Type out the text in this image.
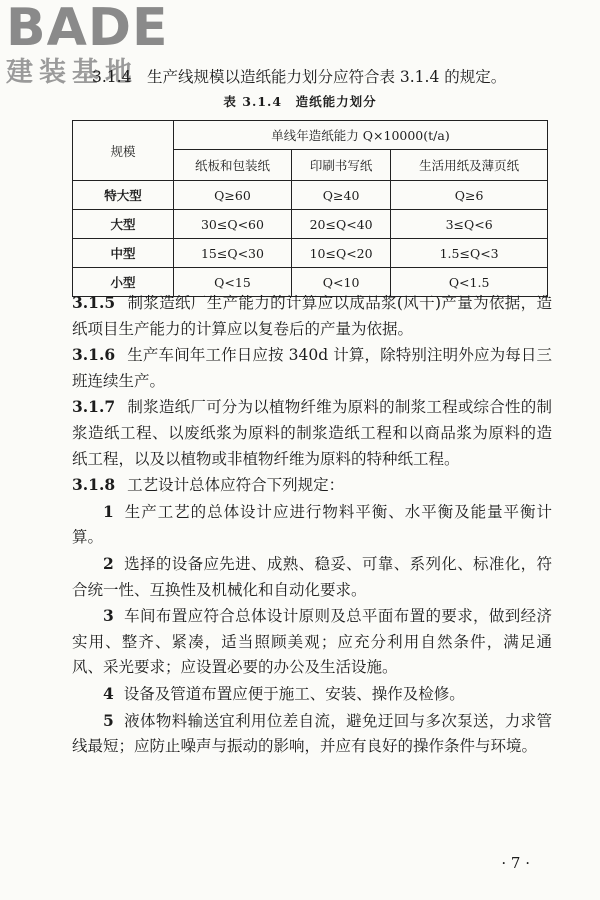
BADE
建装基地
3.1.4　生产线规模以造纸能力划分应符合表 3.1.4 的规定。
表 3.1.4　造纸能力划分
规模	单线年造纸能力 Q×10000(t/a)		
	纸板和包装纸	印刷书写纸	生活用纸及薄页纸
特大型	Q≥60	Q≥40	Q≥6
大型	30≤Q<60	20≤Q<40	3≤Q<6
中型	15≤Q<30	10≤Q<20	1.5≤Q<3
小型	Q<15	Q<10	Q<1.5

3.1.5 制浆造纸厂生产能力的计算应以成品浆(风干)产量为依据，造纸项目生产能力的计算应以复卷后的产量为依据。

3.1.6 生产车间年工作日应按 340d 计算，除特别注明外应为每日三班连续生产。

3.1.7 制浆造纸厂可分为以植物纤维为原料的制浆工程或综合性的制浆造纸工程、以废纸浆为原料的制浆造纸工程和以商品浆为原料的造纸工程，以及以植物或非植物纤维为原料的特种纸工程。

3.1.8 工艺设计总体应符合下列规定：

1 生产工艺的总体设计应进行物料平衡、水平衡及能量平衡计算。

2 选择的设备应先进、成熟、稳妥、可靠、系列化、标准化，符合统一性、互换性及机械化和自动化要求。

3 车间布置应符合总体设计原则及总平面布置的要求，做到经济实用、整齐、紧凑，适当照顾美观；应充分利用自然条件，满足通风、采光要求；应设置必要的办公及生活设施。

4 设备及管道布置应便于施工、安装、操作及检修。

5 液体物料输送宜利用位差自流，避免迂回与多次泵送，力求管线最短；应防止噪声与振动的影响，并应有良好的操作条件与环境。

· 7 ·
